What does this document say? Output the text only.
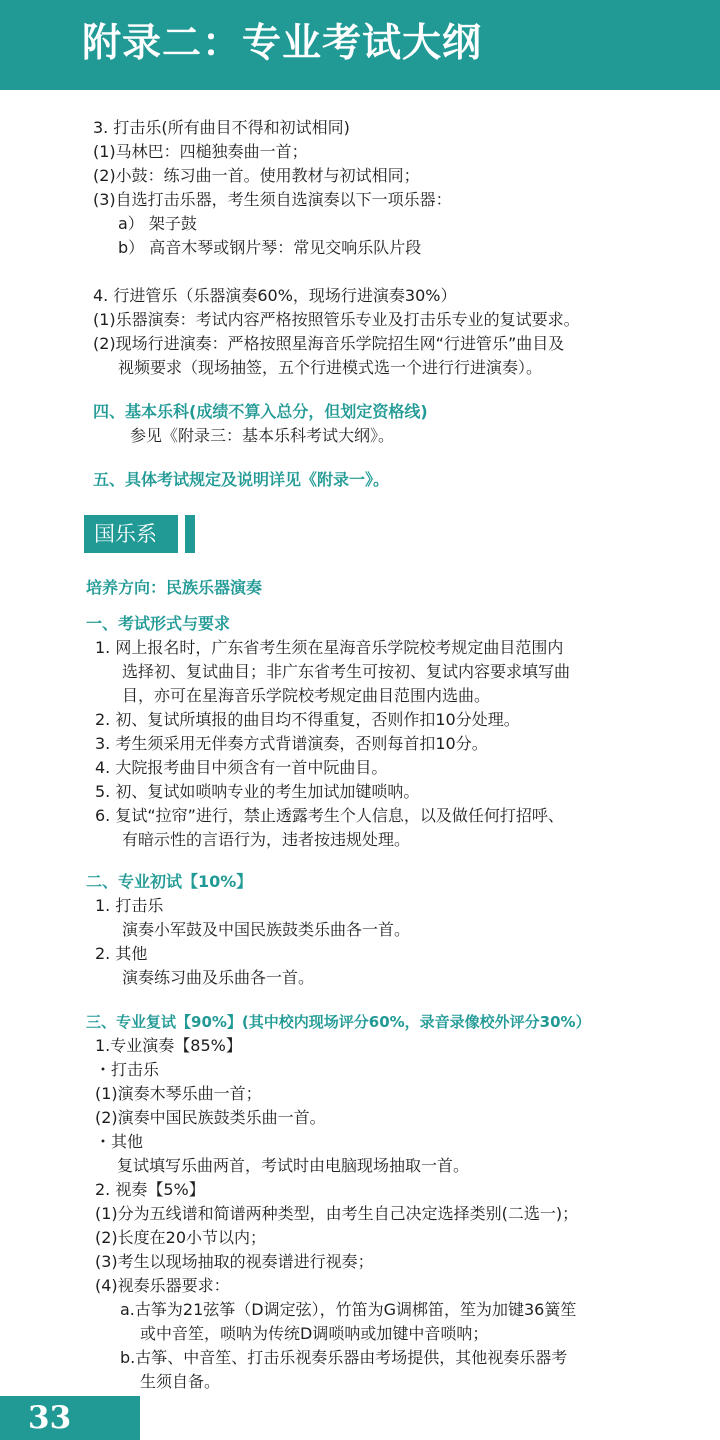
附录二：专业考试大纲
3. 打击乐(所有曲目不得和初试相同)
(1)马林巴：四槌独奏曲一首；
(2)小鼓：练习曲一首。使用教材与初试相同；
(3)自选打击乐器，考生须自选演奏以下一项乐器：
a） 架子鼓
b） 高音木琴或钢片琴：常见交响乐队片段
4. 行进管乐（乐器演奏60%，现场行进演奏30%）
(1)乐器演奏：考试内容严格按照管乐专业及打击乐专业的复试要求。
(2)现场行进演奏：严格按照星海音乐学院招生网“行进管乐”曲目及
视频要求（现场抽签，五个行进模式选一个进行行进演奏）。
四、基本乐科(成绩不算入总分，但划定资格线)
参见《附录三：基本乐科考试大纲》。
五、具体考试规定及说明详见《附录一》。
国乐系
培养方向：民族乐器演奏
一、考试形式与要求
1. 网上报名时，广东省考生须在星海音乐学院校考规定曲目范围内
选择初、复试曲目；非广东省考生可按初、复试内容要求填写曲
目，亦可在星海音乐学院校考规定曲目范围内选曲。
2. 初、复试所填报的曲目均不得重复，否则作扣10分处理。
3. 考生须采用无伴奏方式背谱演奏，否则每首扣10分。
4. 大院报考曲目中须含有一首中阮曲目。
5. 初、复试如唢呐专业的考生加试加键唢呐。
6. 复试“拉帘”进行，禁止透露考生个人信息，以及做任何打招呼、
有暗示性的言语行为，违者按违规处理。
二、专业初试【10%】
1. 打击乐
演奏小军鼓及中国民族鼓类乐曲各一首。
2. 其他
演奏练习曲及乐曲各一首。
三、专业复试【90%】(其中校内现场评分60%，录音录像校外评分30%）
1.专业演奏【85%】
・打击乐
(1)演奏木琴乐曲一首；
(2)演奏中国民族鼓类乐曲一首。
・其他
复试填写乐曲两首，考试时由电脑现场抽取一首。
2. 视奏【5%】
(1)分为五线谱和简谱两种类型，由考生自己决定选择类别(二选一)；
(2)长度在20小节以内；
(3)考生以现场抽取的视奏谱进行视奏；
(4)视奏乐器要求：
a.古筝为21弦筝（D调定弦），竹笛为G调梆笛，笙为加键36簧笙
或中音笙，唢呐为传统D调唢呐或加键中音唢呐；
b.古筝、中音笙、打击乐视奏乐器由考场提供，其他视奏乐器考
生须自备。
33
